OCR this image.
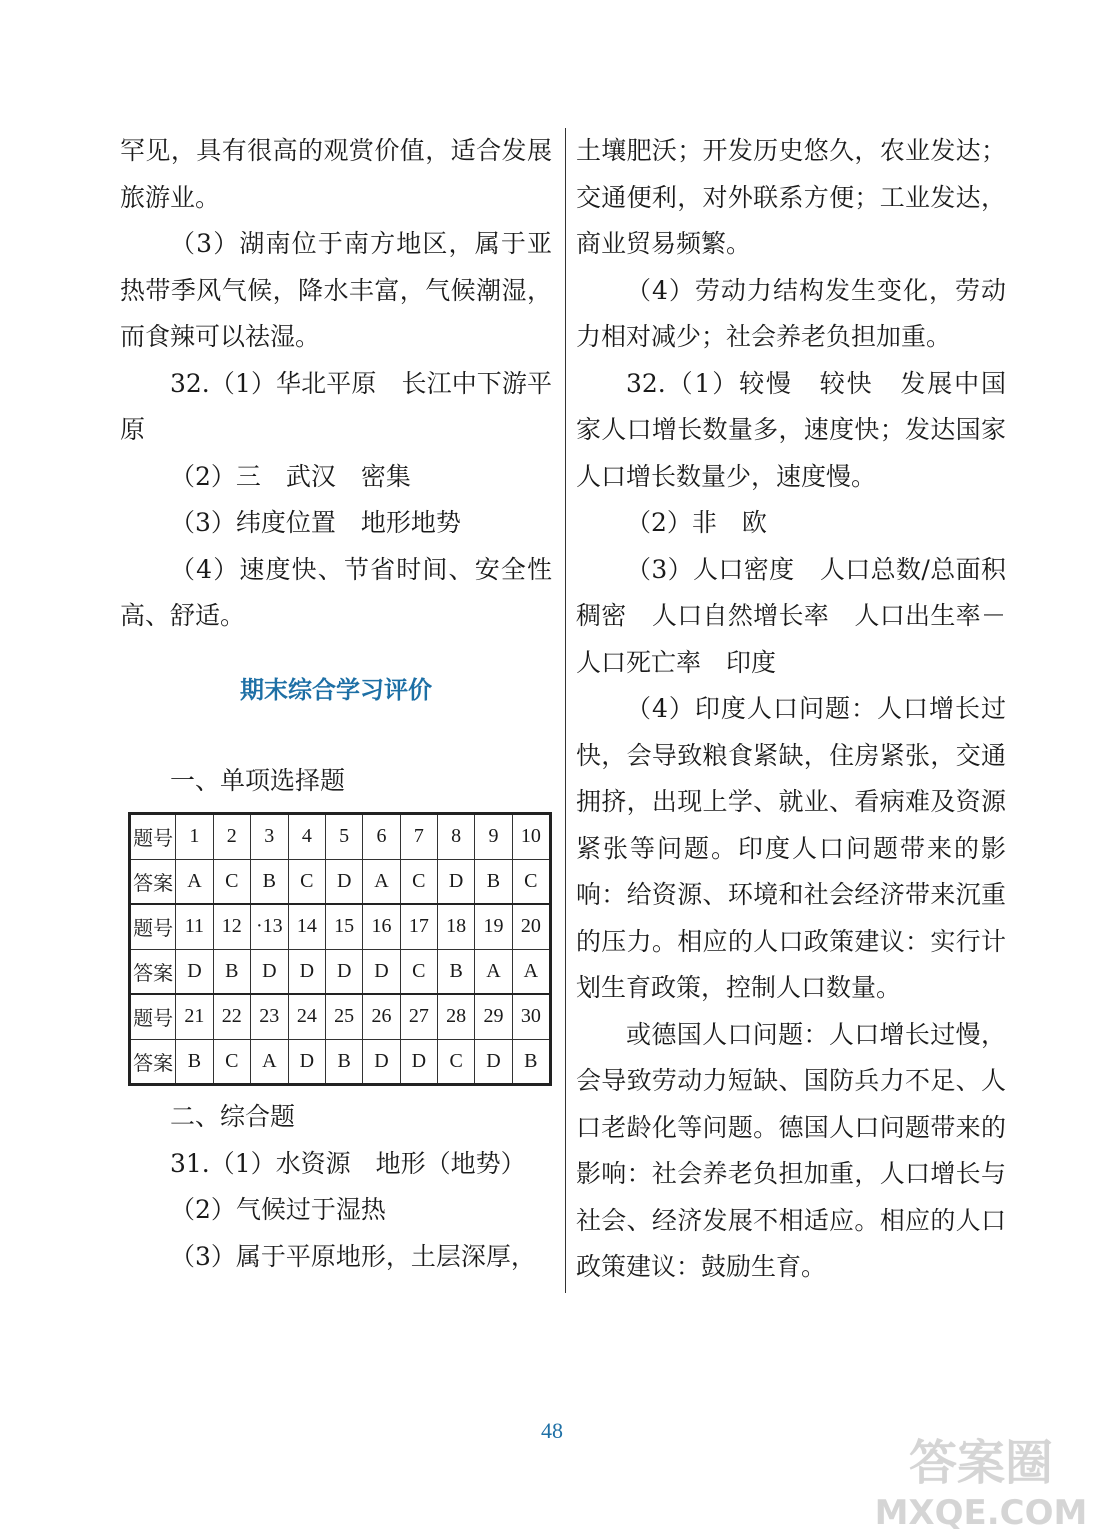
罕见，具有很高的观赏价值，适合发展旅游业。

（3）湖南位于南方地区，属于亚热带季风气候，降水丰富，气候潮湿，而食辣可以祛湿。

32.（1）华北平原　长江中下游平原

（2）三　武汉　密集

（3）纬度位置　地形地势

（4）速度快、节省时间、安全性高、舒适。

期末综合学习评价

一、单项选择题

题号	1	2	3	4	5	6	7	8	9	10
答案	A	C	B	C	D	A	C	D	B	C
题号	11	12	·13	14	15	16	17	18	19	20
答案	D	B	D	D	D	D	C	B	A	A
题号	21	22	23	24	25	26	27	28	29	30
答案	B	C	A	D	B	D	D	C	D	B

二、综合题

31.（1）水资源　地形（地势）

（2）气候过于湿热

（3）属于平原地形，土层深厚，

土壤肥沃；开发历史悠久，农业发达；交通便利，对外联系方便；工业发达，商业贸易频繁。

（4）劳动力结构发生变化，劳动力相对减少；社会养老负担加重。

32.（1）较慢　较快　发展中国家人口增长数量多，速度快；发达国家人口增长数量少，速度慢。

（2）非　欧

（3）人口密度　人口总数/总面积　稠密　人口自然增长率　人口出生率－人口死亡率　印度

（4）印度人口问题：人口增长过快，会导致粮食紧缺，住房紧张，交通拥挤，出现上学、就业、看病难及资源紧张等问题。印度人口问题带来的影响：给资源、环境和社会经济带来沉重的压力。相应的人口政策建议：实行计划生育政策，控制人口数量。

或德国人口问题：人口增长过慢，会导致劳动力短缺、国防兵力不足、人口老龄化等问题。德国人口问题带来的影响：社会养老负担加重，人口增长与社会、经济发展不相适应。相应的人口政策建议：鼓励生育。

48
答案圈
MXQE.COM
